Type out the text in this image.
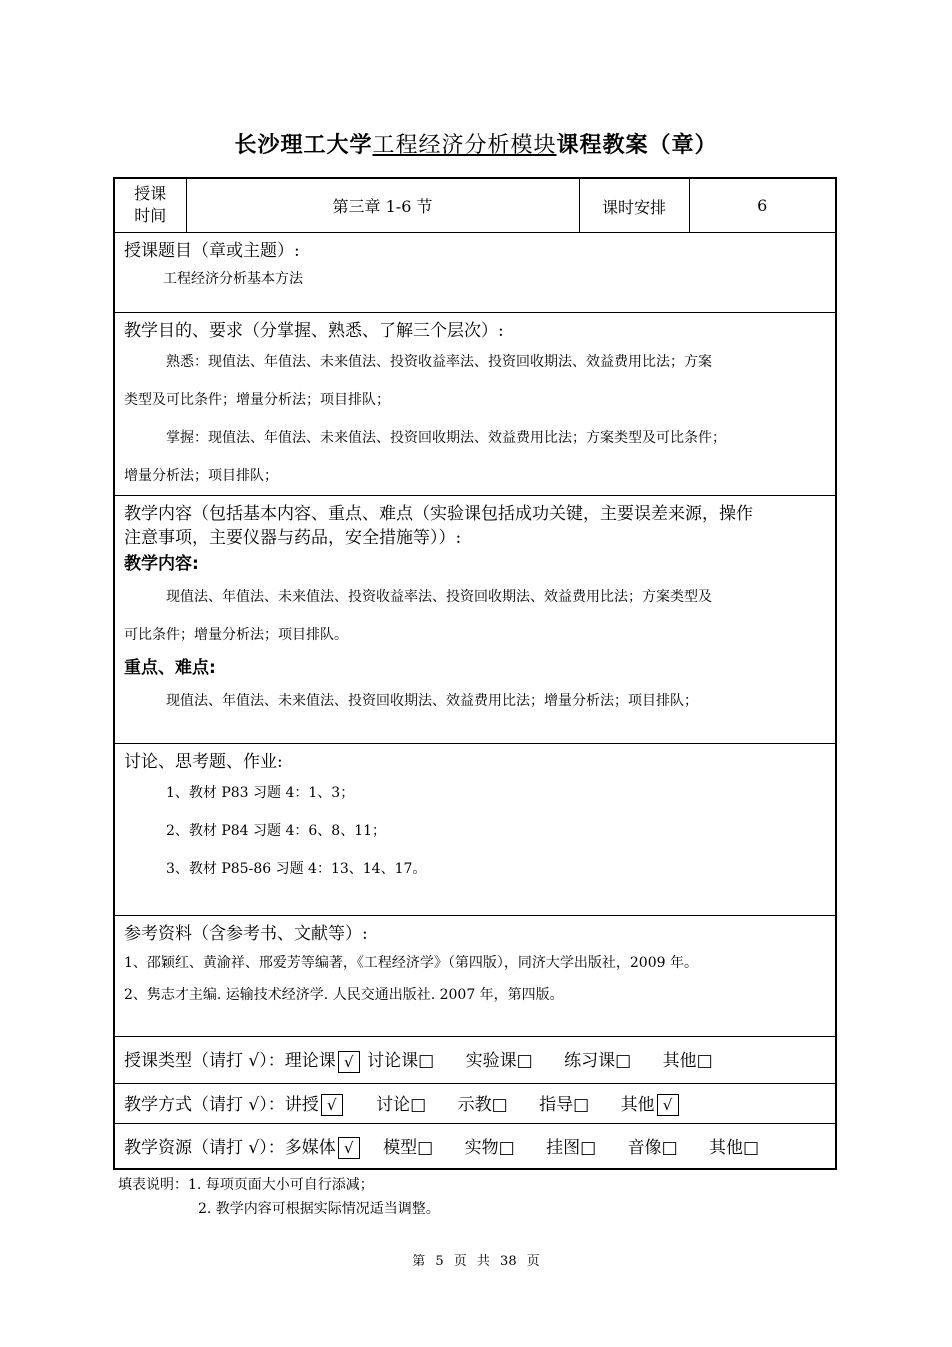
长沙理工大学工程经济分析模块课程教案（章）
授课
时间	第三章 1-6 节	课时安排	6

授课题目（章或主题）:
工程经济分析基本方法

教学目的、要求（分掌握、熟悉、了解三个层次）:
熟悉：现值法、年值法、未来值法、投资收益率法、投资回收期法、效益费用比法；方案
类型及可比条件；增量分析法；项目排队；
掌握：现值法、年值法、未来值法、投资回收期法、效益费用比法；方案类型及可比条件；
增量分析法；项目排队；

教学内容（包括基本内容、重点、难点（实验课包括成功关键，主要误差来源，操作
注意事项，主要仪器与药品，安全措施等））:
教学内容:
现值法、年值法、未来值法、投资收益率法、投资回收期法、效益费用比法；方案类型及
可比条件；增量分析法；项目排队。
重点、难点:
现值法、年值法、未来值法、投资回收期法、效益费用比法；增量分析法；项目排队；

讨论、思考题、作业:
1、教材 P83 习题 4：1、3；
2、教材 P84 习题 4：6、8、11；
3、教材 P85-86 习题 4：13、14、17。

参考资料（含参考书、文献等）:
1、邵颖红、黄渝祥、邢爱芳等编著，《工程经济学》（第四版），同济大学出版社，2009 年。
2、隽志才主编. 运输技术经济学. 人民交通出版社. 2007 年，第四版。

授课类型（请打 √）：理论课 √ 讨论课□ 实验课□ 练习课□ 其他□
教学方式（请打 √）：讲授 √ 讨论□ 示教□ 指导□ 其他 √
教学资源（请打 √）：多媒体 √ 模型□ 实物□ 挂图□ 音像□ 其他□
填表说明：1. 每项页面大小可自行添减；
2. 教学内容可根据实际情况适当调整。
第 5 页 共 38 页
